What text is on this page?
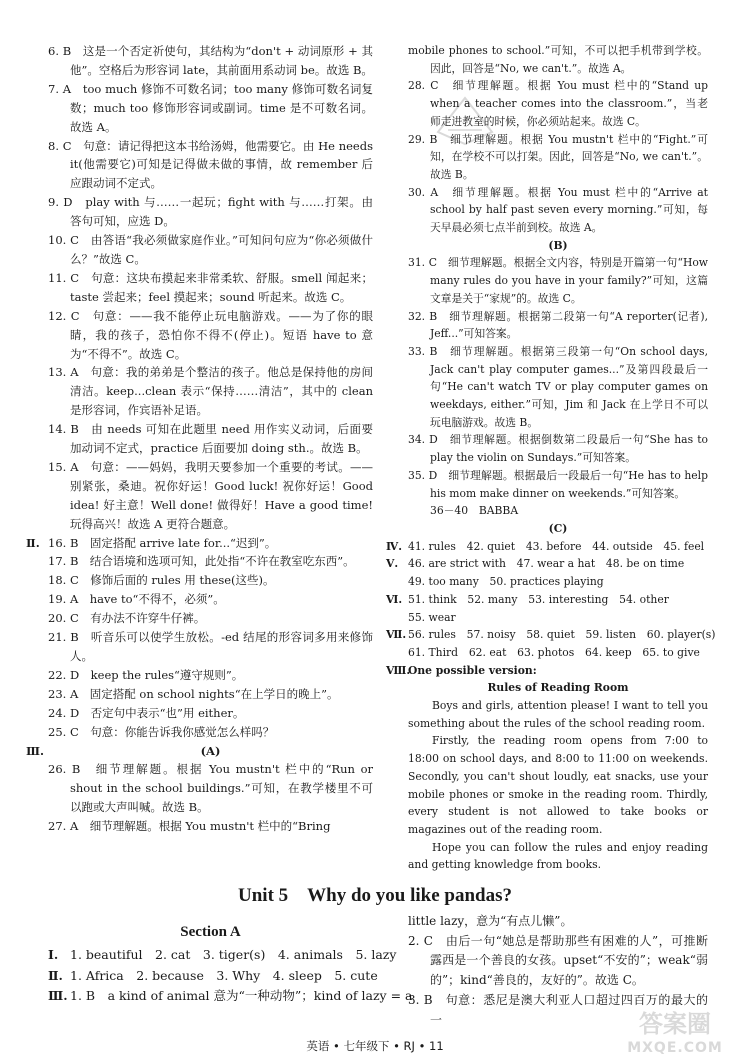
6. B　这是一个否定祈使句，其结构为“don't + 动词原形 + 其他”。空格后为形容词 late，其前面用系动词 be。故选 B。

7. A　too much 修饰不可数名词；too many 修饰可数名词复数；much too 修饰形容词或副词。time 是不可数名词。故选 A。

8. C　句意：请记得把这本书给汤姆，他需要它。由 He needs it(他需要它)可知是记得做未做的事情，故 remember 后应跟动词不定式。

9. D　play with 与……一起玩；fight with 与……打架。由答句可知，应选 D。

10. C　由答语“我必须做家庭作业。”可知问句应为“你必须做什么？”故选 C。

11. C　句意：这块布摸起来非常柔软、舒服。smell 闻起来；taste 尝起来；feel 摸起来；sound 听起来。故选 C。

12. C　句意：——我不能停止玩电脑游戏。——为了你的眼睛，我的孩子，恐怕你不得不(停止)。短语 have to 意为“不得不”。故选 C。

13. A　句意：我的弟弟是个整洁的孩子。他总是保持他的房间清洁。keep...clean 表示“保持……清洁”，其中的 clean 是形容词，作宾语补足语。

14. B　由 needs 可知在此题里 need 用作实义动词，后面要加动词不定式，practice 后面要加 doing sth.。故选 B。

15. A　句意：——妈妈，我明天要参加一个重要的考试。——别紧张，桑迪。祝你好运！Good luck! 祝你好运！Good idea! 好主意！Well done! 做得好！Have a good time! 玩得高兴！故选 A 更符合题意。

Ⅱ. 16. B　固定搭配 arrive late for...“迟到”。

17. B　结合语境和选项可知，此处指“不许在教室吃东西”。

18. C　修饰后面的 rules 用 these(这些)。

19. A　have to“不得不，必须”。

20. C　有办法不许穿牛仔裤。

21. B　听音乐可以使学生放松。-ed 结尾的形容词多用来修饰人。

22. D　keep the rules“遵守规则”。

23. A　固定搭配 on school nights“在上学日的晚上”。

24. D　否定句中表示“也”用 either。

25. C　句意：你能告诉我你感觉怎么样吗？

Ⅲ.	(A)

26. B　细节理解题。根据 You mustn't 栏中的“Run or shout in the school buildings.”可知，在教学楼里不可以跑或大声叫喊。故选 B。

27. A　细节理解题。根据 You mustn't 栏中的“Bring

mobile phones to school.”可知，不可以把手机带到学校。因此，回答是“No, we can't.”。故选 A。

28. C　细节理解题。根据 You must 栏中的“Stand up when a teacher comes into the classroom.”，当老师走进教室的时候，你必须站起来。故选 C。

29. B　细节理解题。根据 You mustn't 栏中的“Fight.”可知，在学校不可以打架。因此，回答是“No, we can't.”。故选 B。

30. A　细节理解题。根据 You must 栏中的“Arrive at school by half past seven every morning.”可知，每天早晨必须七点半前到校。故选 A。

(B)

31. C　细节理解题。根据全文内容，特别是开篇第一句“How many rules do you have in your family?”可知，这篇文章是关于“家规”的。故选 C。

32. B　细节理解题。根据第二段第一句“A reporter(记者), Jeff...”可知答案。

33. B　细节理解题。根据第三段第一句“On school days, Jack can't play computer games...”及第四段最后一句“He can't watch TV or play computer games on weekdays, either.”可知，Jim 和 Jack 在上学日不可以玩电脑游戏。故选 B。

34. D　细节理解题。根据倒数第二段最后一句“She has to play the violin on Sundays.”可知答案。

35. D　细节理解题。根据最后一段最后一句“He has to help his mom make dinner on weekends.”可知答案。

36－40　BABBA

(C)

Ⅳ. 41. rules　42. quiet　43. before　44. outside　45. feel

Ⅴ. 46. are strict with　47. wear a hat　48. be on time

49. too many　50. practices playing

Ⅵ. 51. think　52. many　53. interesting　54. other

55. wear

Ⅶ. 56. rules　57. noisy　58. quiet　59. listen　60. player(s)

61. Third　62. eat　63. photos　64. keep　65. to give

Ⅷ.

One possible version:

Rules of Reading Room

Boys and girls, attention please! I want to tell you something about the rules of the school reading room.

Firstly, the reading room opens from 7:00 to 18:00 on school days, and 8:00 to 11:00 on weekends. Secondly, you can't shout loudly, eat snacks, use your mobile phones or smoke in the reading room. Thirdly, every student is not allowed to take books or magazines out of the reading room.

Hope you can follow the rules and enjoy reading and getting knowledge from books.

Unit 5　Why do you like pandas?
Section A
Ⅰ. 1. beautiful　2. cat　3. tiger(s)　4. animals　5. lazy

Ⅱ. 1. Africa　2. because　3. Why　4. sleep　5. cute

Ⅲ. 1. B　a kind of animal 意为“一种动物”；kind of lazy = a

little lazy，意为“有点儿懒”。

2. C　由后一句“她总是帮助那些有困难的人”，可推断露西是一个善良的女孩。upset“不安的”；weak“弱的”；kind“善良的，友好的”。故选 C。

3. B　句意：悉尼是澳大利亚人口超过四百万的最大的一

英语 • 七年级下 • RJ • 11
答案圈
MXQE.COM
